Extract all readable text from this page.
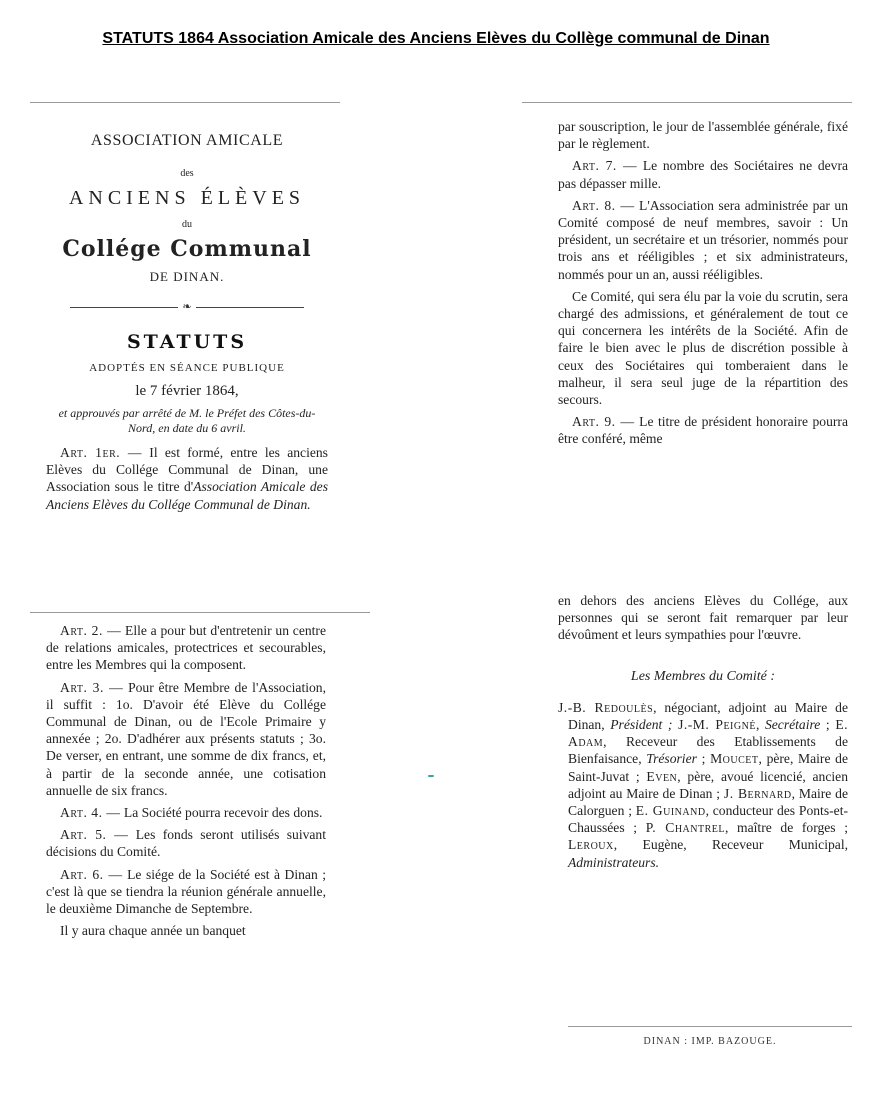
STATUTS 1864 Association Amicale des Anciens Elèves du Collège communal de Dinan
ASSOCIATION AMICALE
des
ANCIENS ÉLÈVES
du
Collége Communal
DE DINAN.
❧
STATUTS
ADOPTÉS EN SÉANCE PUBLIQUE
le 7 février 1864,
et approuvés par arrêté de M. le Préfet des Côtes-du-Nord, en date du 6 avril.

Art. 1er. — Il est formé, entre les anciens Elèves du Collége Communal de Dinan, une Association sous le titre d'Association Amicale des Anciens Elèves du Collége Communal de Dinan.

Art. 2. — Elle a pour but d'entretenir un centre de relations amicales, protectrices et secourables, entre les Membres qui la composent.

Art. 3. — Pour être Membre de l'Association, il suffit : 1o. D'avoir été Elève du Collége Communal de Dinan, ou de l'Ecole Primaire y annexée ; 2o. D'adhérer aux présents statuts ; 3o. De verser, en entrant, une somme de dix francs, et, à partir de la seconde année, une cotisation annuelle de six francs.

Art. 4. — La Société pourra recevoir des dons.

Art. 5. — Les fonds seront utilisés suivant décisions du Comité.

Art. 6. — Le siége de la Société est à Dinan ; c'est là que se tiendra la réunion générale annuelle, le deuxième Dimanche de Septembre.

Il y aura chaque année un banquet

par souscription, le jour de l'assemblée générale, fixé par le règlement.

Art. 7. — Le nombre des Sociétaires ne devra pas dépasser mille.

Art. 8. — L'Association sera administrée par un Comité composé de neuf membres, savoir : Un président, un secrétaire et un trésorier, nommés pour trois ans et rééligibles ; et six administrateurs, nommés pour un an, aussi rééligibles.

Ce Comité, qui sera élu par la voie du scrutin, sera chargé des admissions, et généralement de tout ce qui concernera les intérêts de la Société. Afin de faire le bien avec le plus de discrétion possible à ceux des Sociétaires qui tomberaient dans le malheur, il sera seul juge de la répartition des secours.

Art. 9. — Le titre de président honoraire pourra être conféré, même

en dehors des anciens Elèves du Collége, aux personnes qui se seront fait remarquer par leur dévoûment et leurs sympathies pour l'œuvre.

Les Membres du Comité :

J.-B. Redoulès, négociant, adjoint au Maire de Dinan, Président ; J.-M. Peigné, Secrétaire ; E. Adam, Receveur des Etablissements de Bienfaisance, Trésorier ; Moucet, père, Maire de Saint-Juvat ; Even, père, avoué licencié, ancien adjoint au Maire de Dinan ; J. Bernard, Maire de Calorguen ; E. Guinand, conducteur des Ponts-et-Chaussées ; P. Chantrel, maître de forges ; Leroux, Eugène, Receveur Municipal, Administrateurs.

DINAN : IMP. BAZOUGE.
